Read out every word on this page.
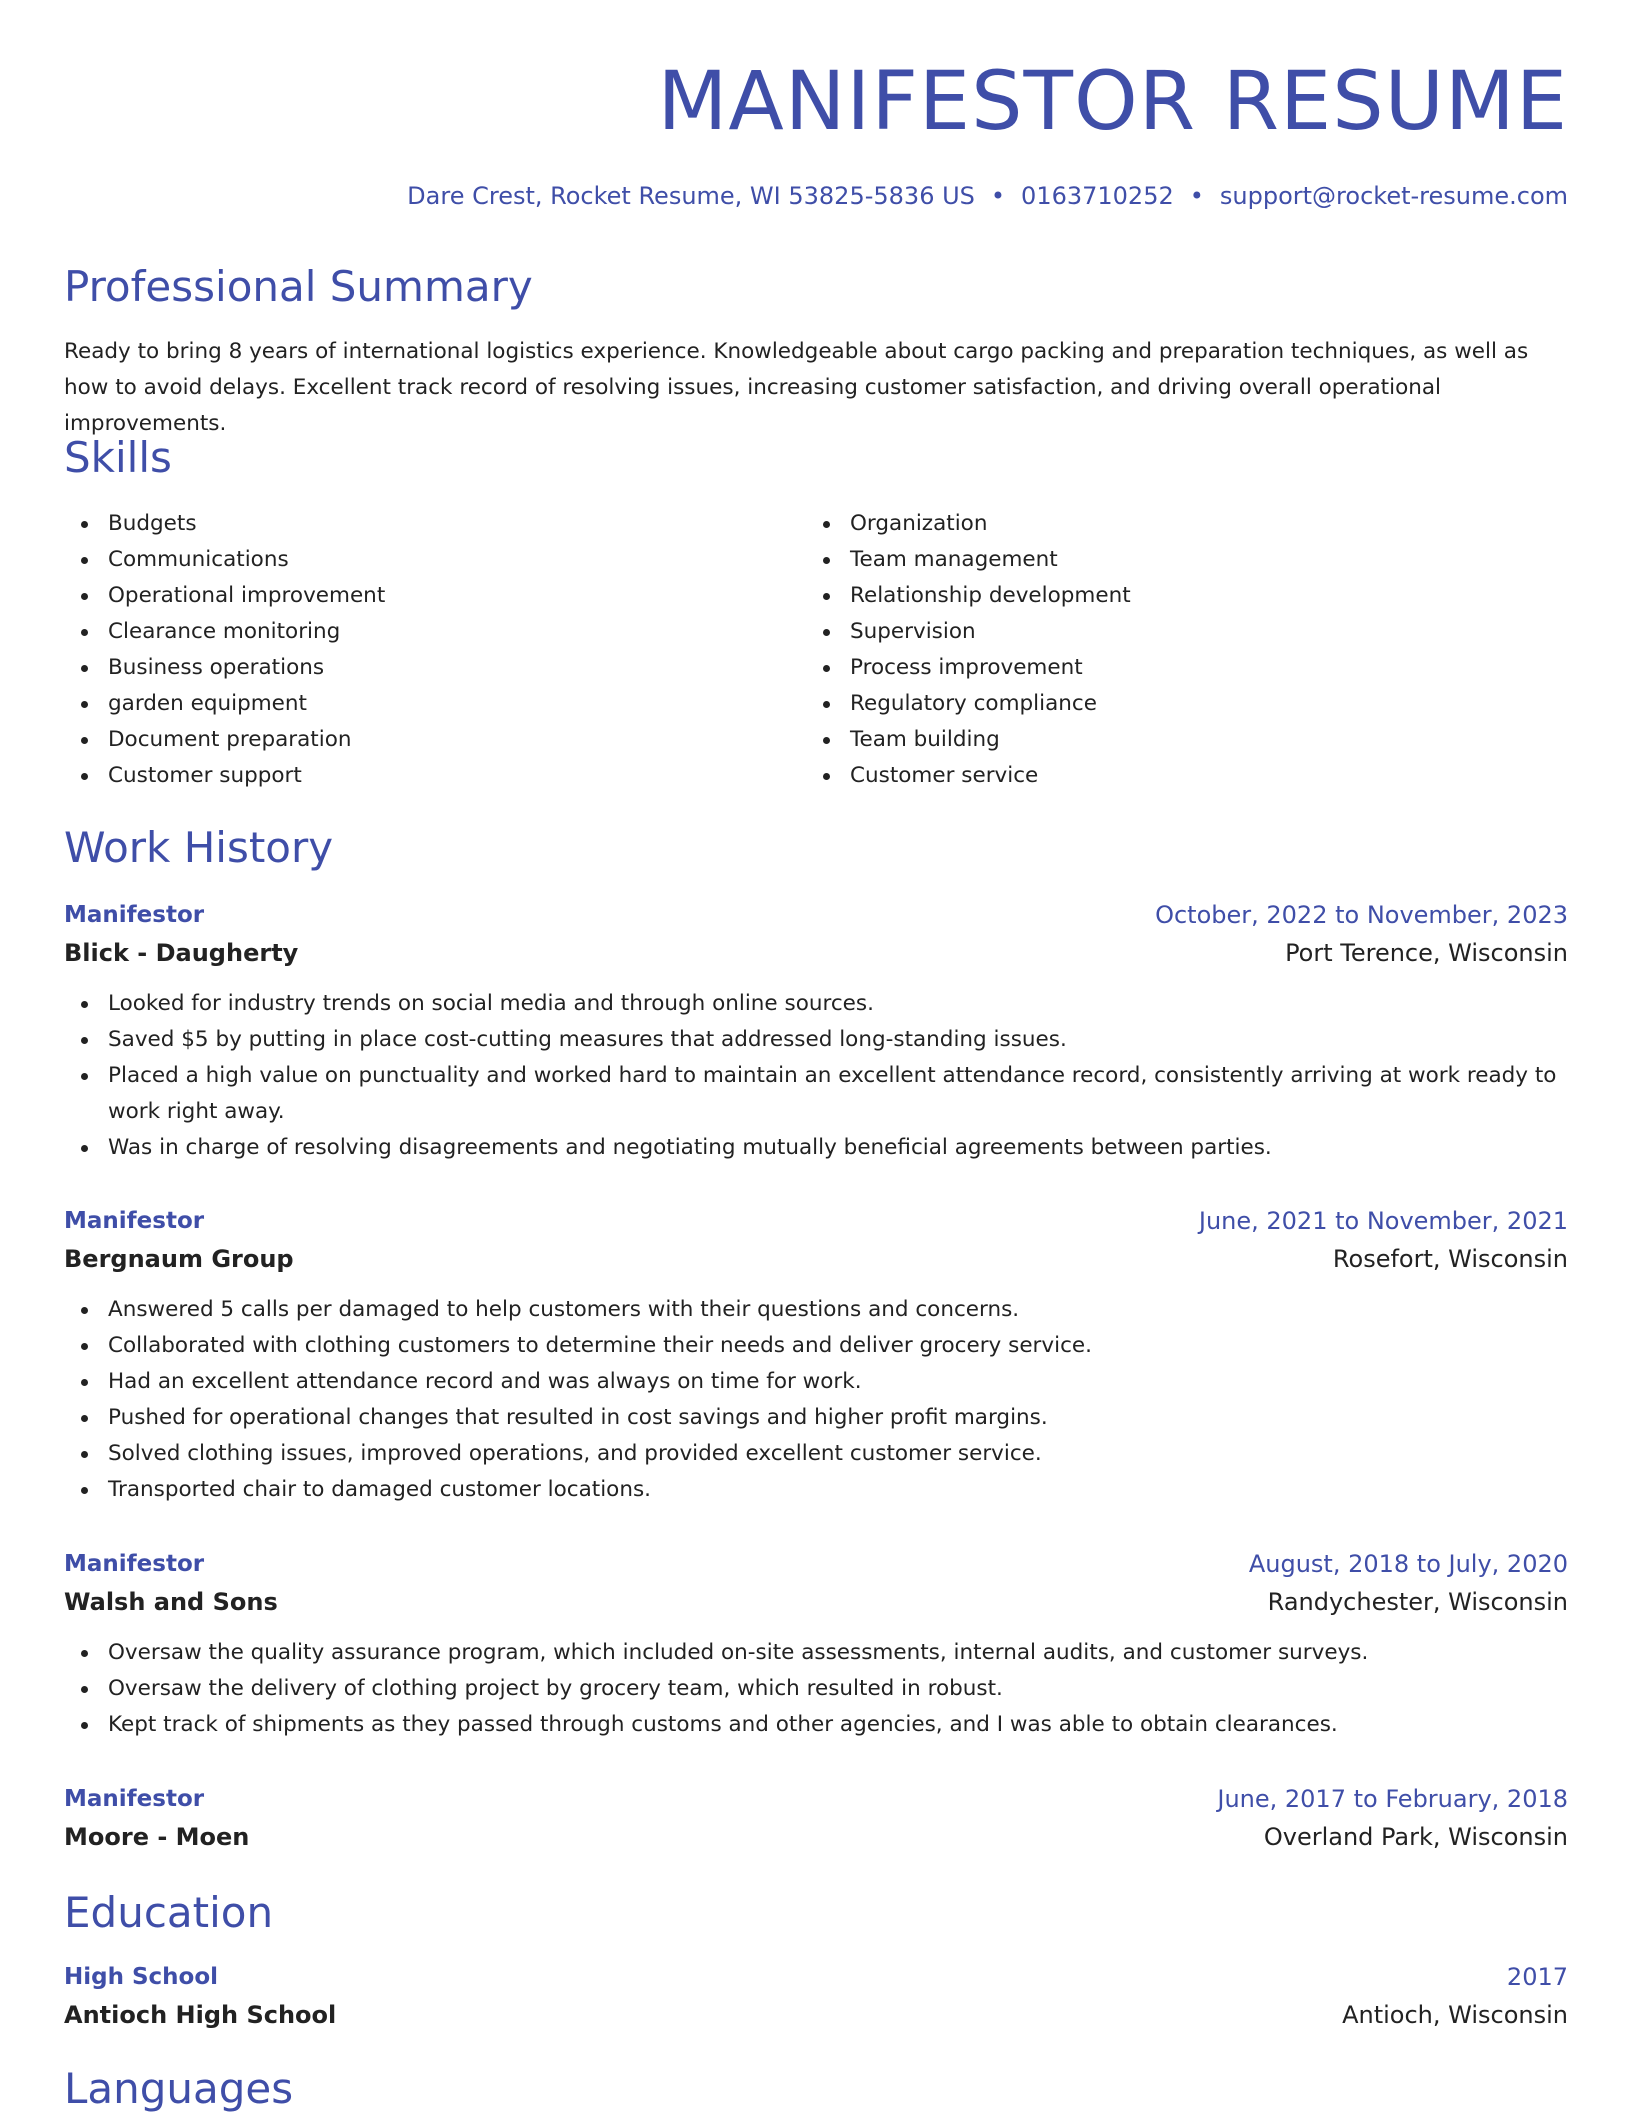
MANIFESTOR RESUME
Dare Crest, Rocket Resume, WI 53825-5836 US • 0163710252 • support@rocket-resume.com
Professional Summary

Ready to bring 8 years of international logistics experience. Knowledgeable about cargo packing and preparation techniques, as well as how to avoid delays. Excellent track record of resolving issues, increasing customer satisfaction, and driving overall operational improvements.

Skills
Budgets
Communications
Operational improvement
Clearance monitoring
Business operations
garden equipment
Document preparation
Customer support
Organization
Team management
Relationship development
Supervision
Process improvement
Regulatory compliance
Team building
Customer service
Work History
Manifestor	October, 2022 to November, 2023
Blick - Daugherty	Port Terence, Wisconsin
Looked for industry trends on social media and through online sources.
Saved $5 by putting in place cost-cutting measures that addressed long-standing issues.
Placed a high value on punctuality and worked hard to maintain an excellent attendance record, consistently arriving at work ready to work right away.
Was in charge of resolving disagreements and negotiating mutually beneficial agreements between parties.
Manifestor	June, 2021 to November, 2021
Bergnaum Group	Rosefort, Wisconsin
Answered 5 calls per damaged to help customers with their questions and concerns.
Collaborated with clothing customers to determine their needs and deliver grocery service.
Had an excellent attendance record and was always on time for work.
Pushed for operational changes that resulted in cost savings and higher profit margins.
Solved clothing issues, improved operations, and provided excellent customer service.
Transported chair to damaged customer locations.
Manifestor	August, 2018 to July, 2020
Walsh and Sons	Randychester, Wisconsin
Oversaw the quality assurance program, which included on-site assessments, internal audits, and customer surveys.
Oversaw the delivery of clothing project by grocery team, which resulted in robust.
Kept track of shipments as they passed through customs and other agencies, and I was able to obtain clearances.
Manifestor	June, 2017 to February, 2018
Moore - Moen	Overland Park, Wisconsin
Education
High School	2017
Antioch High School	Antioch, Wisconsin
Languages
